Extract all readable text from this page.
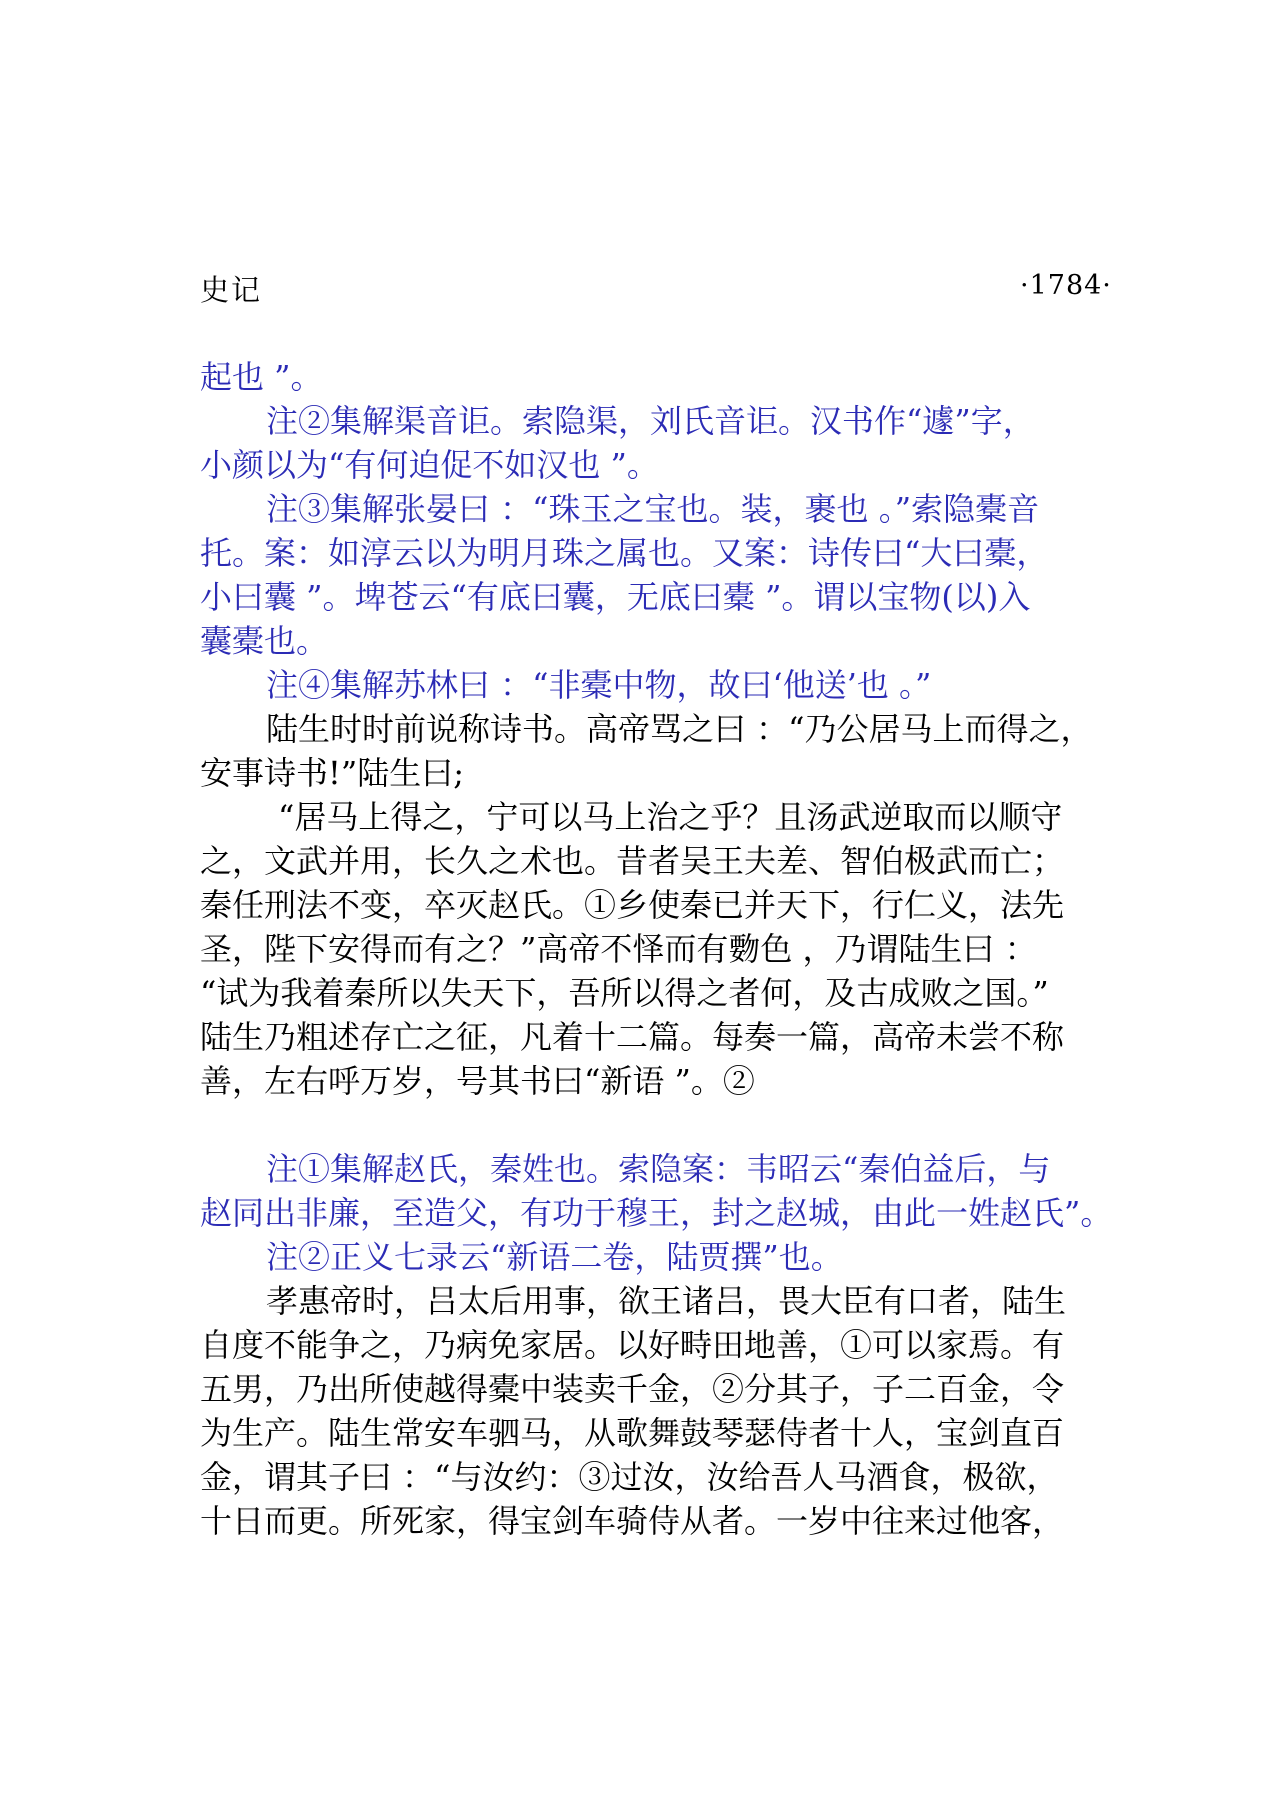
史记	·1784·
起也 ”。
注②集解渠音讵。索隐渠，刘氏音讵。汉书作“遽”字，
小颜以为“有何迫促不如汉也 ”。
注③集解张晏曰 ：“珠玉之宝也。装，裹也 。”索隐橐音
托。案：如淳云以为明月珠之属也。又案：诗传曰“大曰橐，
小曰囊 ”。埤苍云“有底曰囊，无底曰橐 ”。谓以宝物(以)入
囊橐也。
注④集解苏林曰 ：“非橐中物，故曰‘他送’也 。”
陆生时时前说称诗书。高帝骂之曰 ：“乃公居马上而得之，
安事诗书!”陆生曰;
“居马上得之，宁可以马上治之乎？且汤武逆取而以顺守
之，文武并用，长久之术也。昔者吴王夫差、智伯极武而亡；
秦任刑法不变，卒灭赵氏。①乡使秦已并天下，行仁义，法先
圣，陛下安得而有之？”高帝不怿而有覅色 ，乃谓陆生曰 ：
“试为我着秦所以失天下，吾所以得之者何，及古成败之国。”
陆生乃粗述存亡之征，凡着十二篇。每奏一篇，高帝未尝不称
善，左右呼万岁，号其书曰“新语 ”。②
注①集解赵氏，秦姓也。索隐案：韦昭云“秦伯益后，与
赵同出非廉，至造父，有功于穆王，封之赵城，由此一姓赵氏”。
注②正义七录云“新语二卷，陆贾撰”也。
孝惠帝时，吕太后用事，欲王诸吕，畏大臣有口者，陆生
自度不能争之，乃病免家居。以好畤田地善，①可以家焉。有
五男，乃出所使越得橐中装卖千金，②分其子，子二百金，令
为生产。陆生常安车驷马，从歌舞鼓琴瑟侍者十人，宝剑直百
金，谓其子曰 ：“与汝约：③过汝，汝给吾人马酒食，极欲，
十日而更。所死家，得宝剑车骑侍从者。一岁中往来过他客，
